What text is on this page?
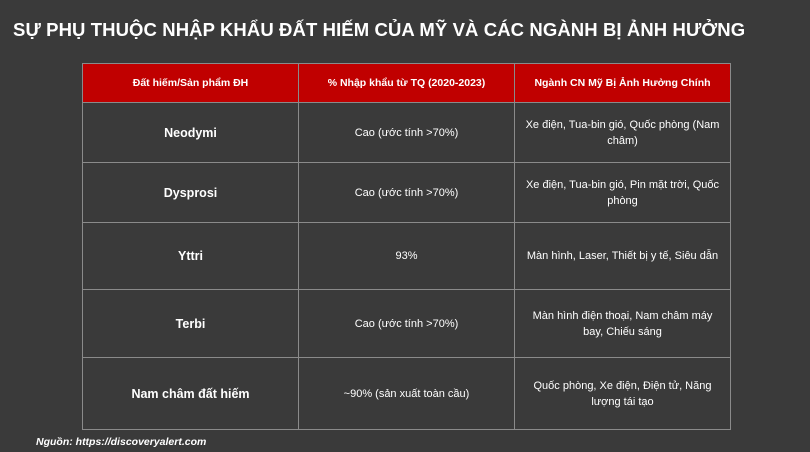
SỰ PHỤ THUỘC NHẬP KHẨU ĐẤT HIẾM CỦA MỸ VÀ CÁC NGÀNH BỊ ẢNH HƯỞNG
Đất hiếm/Sản phẩm ĐH	% Nhập khẩu từ TQ (2020-2023)	Ngành CN Mỹ Bị Ảnh Hưởng Chính
Neodymi	Cao (ước tính >70%)	Xe điện, Tua-bin gió, Quốc phòng (Nam châm)
Dysprosi	Cao (ước tính >70%)	Xe điện, Tua-bin gió, Pin mặt trời, Quốc phòng
Yttri	93%	Màn hình, Laser, Thiết bị y tế, Siêu dẫn
Terbi	Cao (ước tính >70%)	Màn hình điện thoại, Nam châm máy bay, Chiếu sáng
Nam châm đất hiếm	~90% (sản xuất toàn cầu)	Quốc phòng, Xe điện, Điện tử, Năng lượng tái tạo
Nguồn: https://discoveryalert.com
